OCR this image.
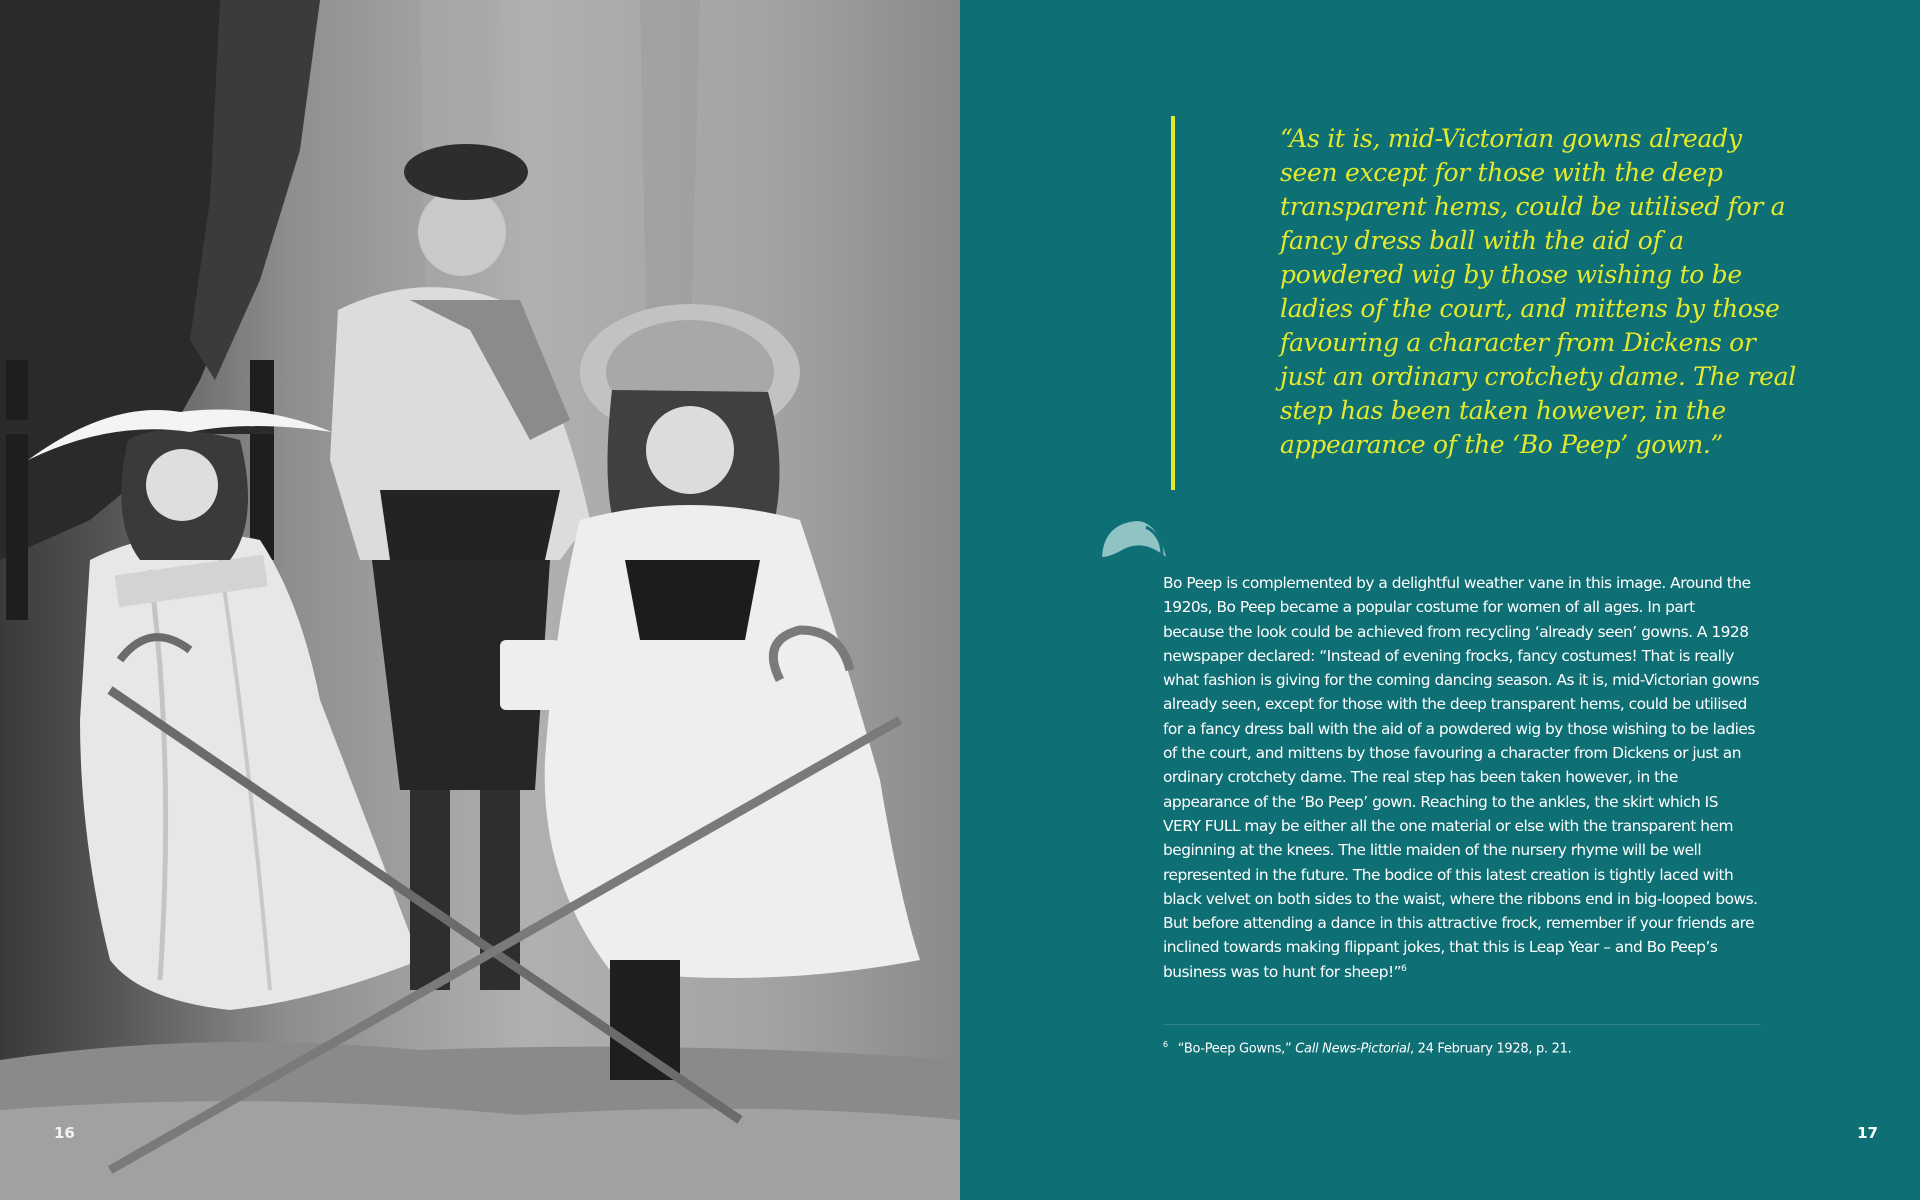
16

“As it is, mid-Victorian gowns already seen except for those with the deep transparent hems, could be utilised for a fancy dress ball with the aid of a powdered wig by those wishing to be ladies of the court, and mittens by those favouring a character from Dickens or just an ordinary crotchety dame. The real step has been taken however, in the appearance of the ‘Bo Peep’ gown.”

Bo Peep is complemented by a delightful weather vane in this image. Around the 1920s, Bo Peep became a popular costume for women of all ages. In part because the look could be achieved from recycling ‘already seen’ gowns. A 1928 newspaper declared: “Instead of evening frocks, fancy costumes! That is really what fashion is giving for the coming dancing season. As it is, mid-Victorian gowns already seen, except for those with the deep transparent hems, could be utilised for a fancy dress ball with the aid of a powdered wig by those wishing to be ladies of the court, and mittens by those favouring a character from Dickens or just an ordinary crotchety dame. The real step has been taken however, in the appearance of the ‘Bo Peep’ gown. Reaching to the ankles, the skirt which IS VERY FULL may be either all the one material or else with the transparent hem beginning at the knees. The little maiden of the nursery rhyme will be well represented in the future. The bodice of this latest creation is tightly laced with black velvet on both sides to the waist, where the ribbons end in big-looped bows. But before attending a dance in this attractive frock, remember if your friends are inclined towards making flippant jokes, that this is Leap Year – and Bo Peep’s business was to hunt for sheep!”$^6$

$^6$ “Bo-Peep Gowns,” Call News-Pictorial, 24 February 1928, p. 21.

17
